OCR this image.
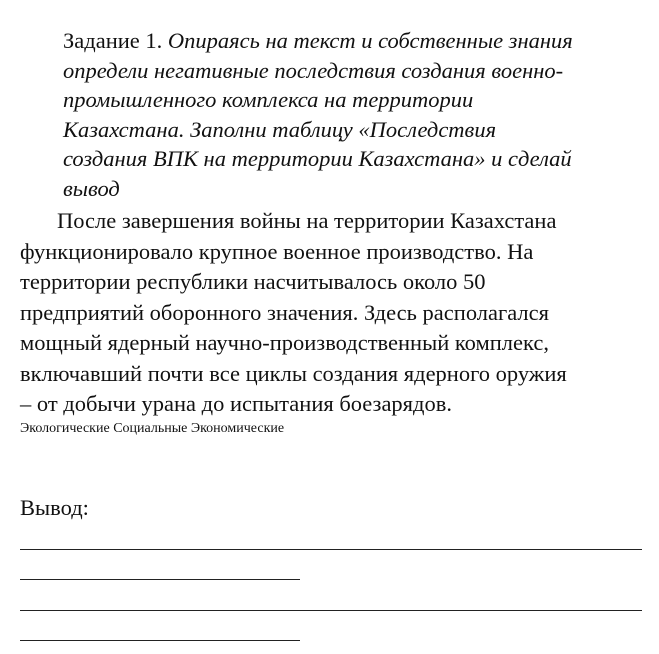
Задание 1. Опираясь на текст и собственные знания
определи негативные последствия создания военно-
промышленного комплекса на территории
Казахстана. Заполни таблицу «Последствия
создания ВПК на территории Казахстана» и сделай
вывод
После завершения войны на территории Казахстана
функционировало крупное военное производство. На
территории республики насчитывалось около 50
предприятий оборонного значения. Здесь располагался
мощный ядерный научно-производственный комплекс,
включавший почти все циклы создания ядерного оружия
– от добычи урана до испытания боезарядов.
Экологические Социальные Экономические
Вывод:
